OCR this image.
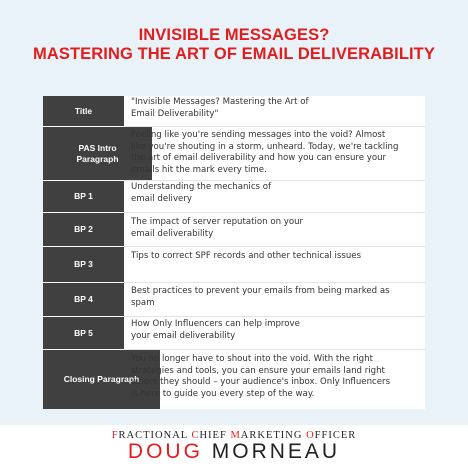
INVISIBLE MESSAGES?
MASTERING THE ART OF EMAIL DELIVERABILITY
Title
"Invisible Messages? Mastering the Art of
Email Deliverability"
PAS Intro Paragraph
Feeling like you're sending messages into the void? Almost
like you're shouting in a storm, unheard. Today, we're tackling
the art of email deliverability and how you can ensure your
emails hit the mark every time.
BP 1
Understanding the mechanics of
email delivery
BP 2
The impact of server reputation on your
email deliverability
BP 3
Tips to correct SPF records and other technical issues
BP 4
Best practices to prevent your emails from being marked as
spam
BP 5
How Only Influencers can help improve
your email deliverability
Closing Paragraph
You no longer have to shout into the void. With the right
strategies and tools, you can ensure your emails land right
where they should – your audience's inbox. Only Influencers
is here to guide you every step of the way.
FRACTIONAL CHIEF MARKETING OFFICER
DOUG MORNEAU
